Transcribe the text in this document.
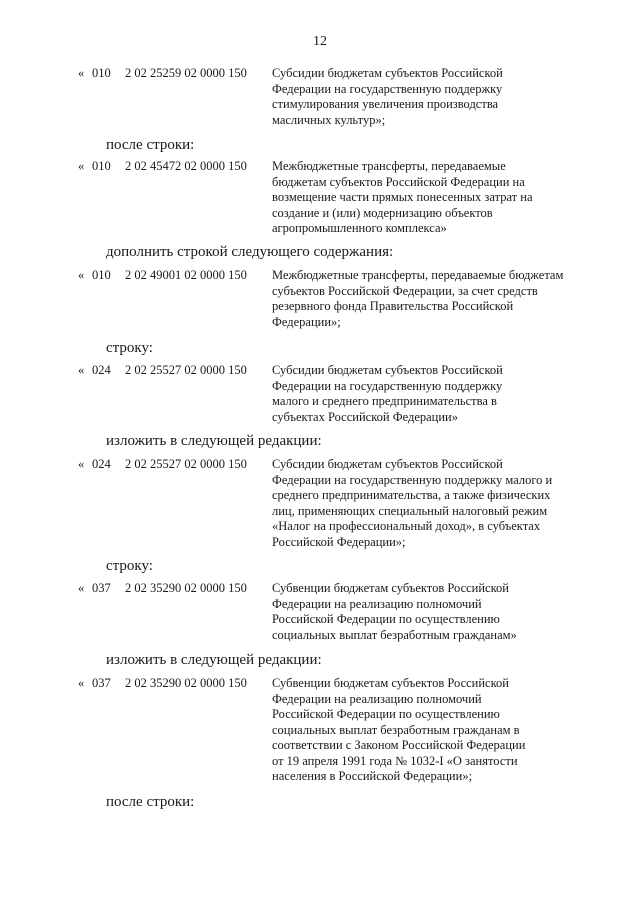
12
« 010 2 02 25259 02 0000 150 Субсидии бюджетам субъектов Российской
Федерации на государственную поддержку
стимулирования увеличения производства
масличных культур»;
после строки:
« 010 2 02 45472 02 0000 150 Межбюджетные трансферты, передаваемые
бюджетам субъектов Российской Федерации на
возмещение части прямых понесенных затрат на
создание и (или) модернизацию объектов
агропромышленного комплекса»
дополнить строкой следующего содержания:
« 010 2 02 49001 02 0000 150 Межбюджетные трансферты, передаваемые бюджетам
субъектов Российской Федерации, за счет средств
резервного фонда Правительства Российской
Федерации»;
строку:
« 024 2 02 25527 02 0000 150 Субсидии бюджетам субъектов Российской
Федерации на государственную поддержку
малого и среднего предпринимательства в
субъектах Российской Федерации»
изложить в следующей редакции:
« 024 2 02 25527 02 0000 150 Субсидии бюджетам субъектов Российской
Федерации на государственную поддержку малого и
среднего предпринимательства, а также физических
лиц, применяющих специальный налоговый режим
«Налог на профессиональный доход», в субъектах
Российской Федерации»;
строку:
« 037 2 02 35290 02 0000 150 Субвенции бюджетам субъектов Российской
Федерации на реализацию полномочий
Российской Федерации по осуществлению
социальных выплат безработным гражданам»
изложить в следующей редакции:
« 037 2 02 35290 02 0000 150 Субвенции бюджетам субъектов Российской
Федерации на реализацию полномочий
Российской Федерации по осуществлению
социальных выплат безработным гражданам в
соответствии с Законом Российской Федерации
от 19 апреля 1991 года № 1032-I «О занятости
населения в Российской Федерации»;
после строки:
